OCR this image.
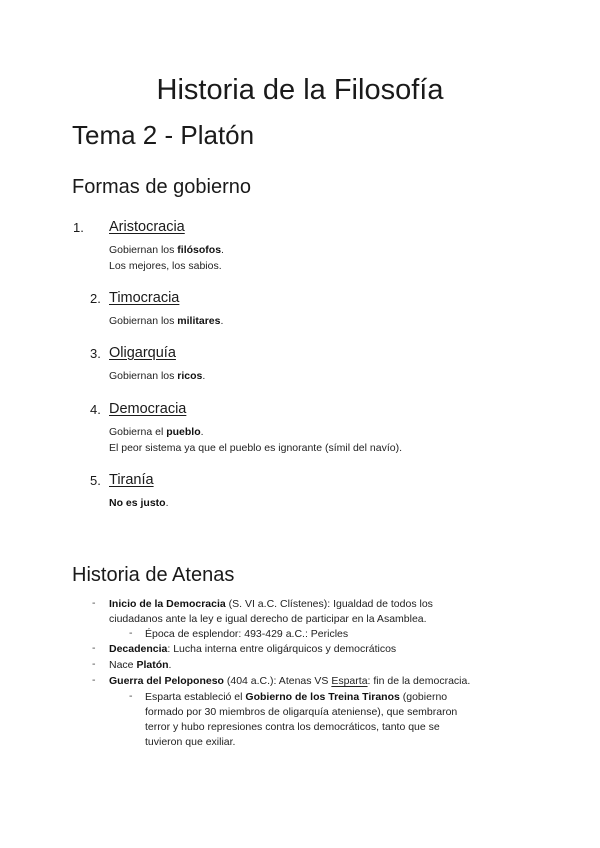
Historia de la Filosofía
Tema 2 - Platón
Formas de gobierno
1. Aristocracia
Gobiernan los filósofos.
Los mejores, los sabios.
2. Timocracia
Gobiernan los militares.
3. Oligarquía
Gobiernan los ricos.
4. Democracia
Gobierna el pueblo.
El peor sistema ya que el pueblo es ignorante (símil del navío).
5. Tiranía
No es justo.
Historia de Atenas
- Inicio de la Democracia (S. VI a.C. Clístenes): Igualdad de todos los
ciudadanos ante la ley e igual derecho de participar en la Asamblea.
- Época de esplendor: 493-429 a.C.: Pericles
- Decadencia: Lucha interna entre oligárquicos y democráticos
- Nace Platón.
- Guerra del Peloponeso (404 a.C.): Atenas VS Esparta: fin de la democracia.
- Esparta estableció el Gobierno de los Treina Tiranos (gobierno
formado por 30 miembros de oligarquía ateniense), que sembraron
terror y hubo represiones contra los democráticos, tanto que se
tuvieron que exiliar.
